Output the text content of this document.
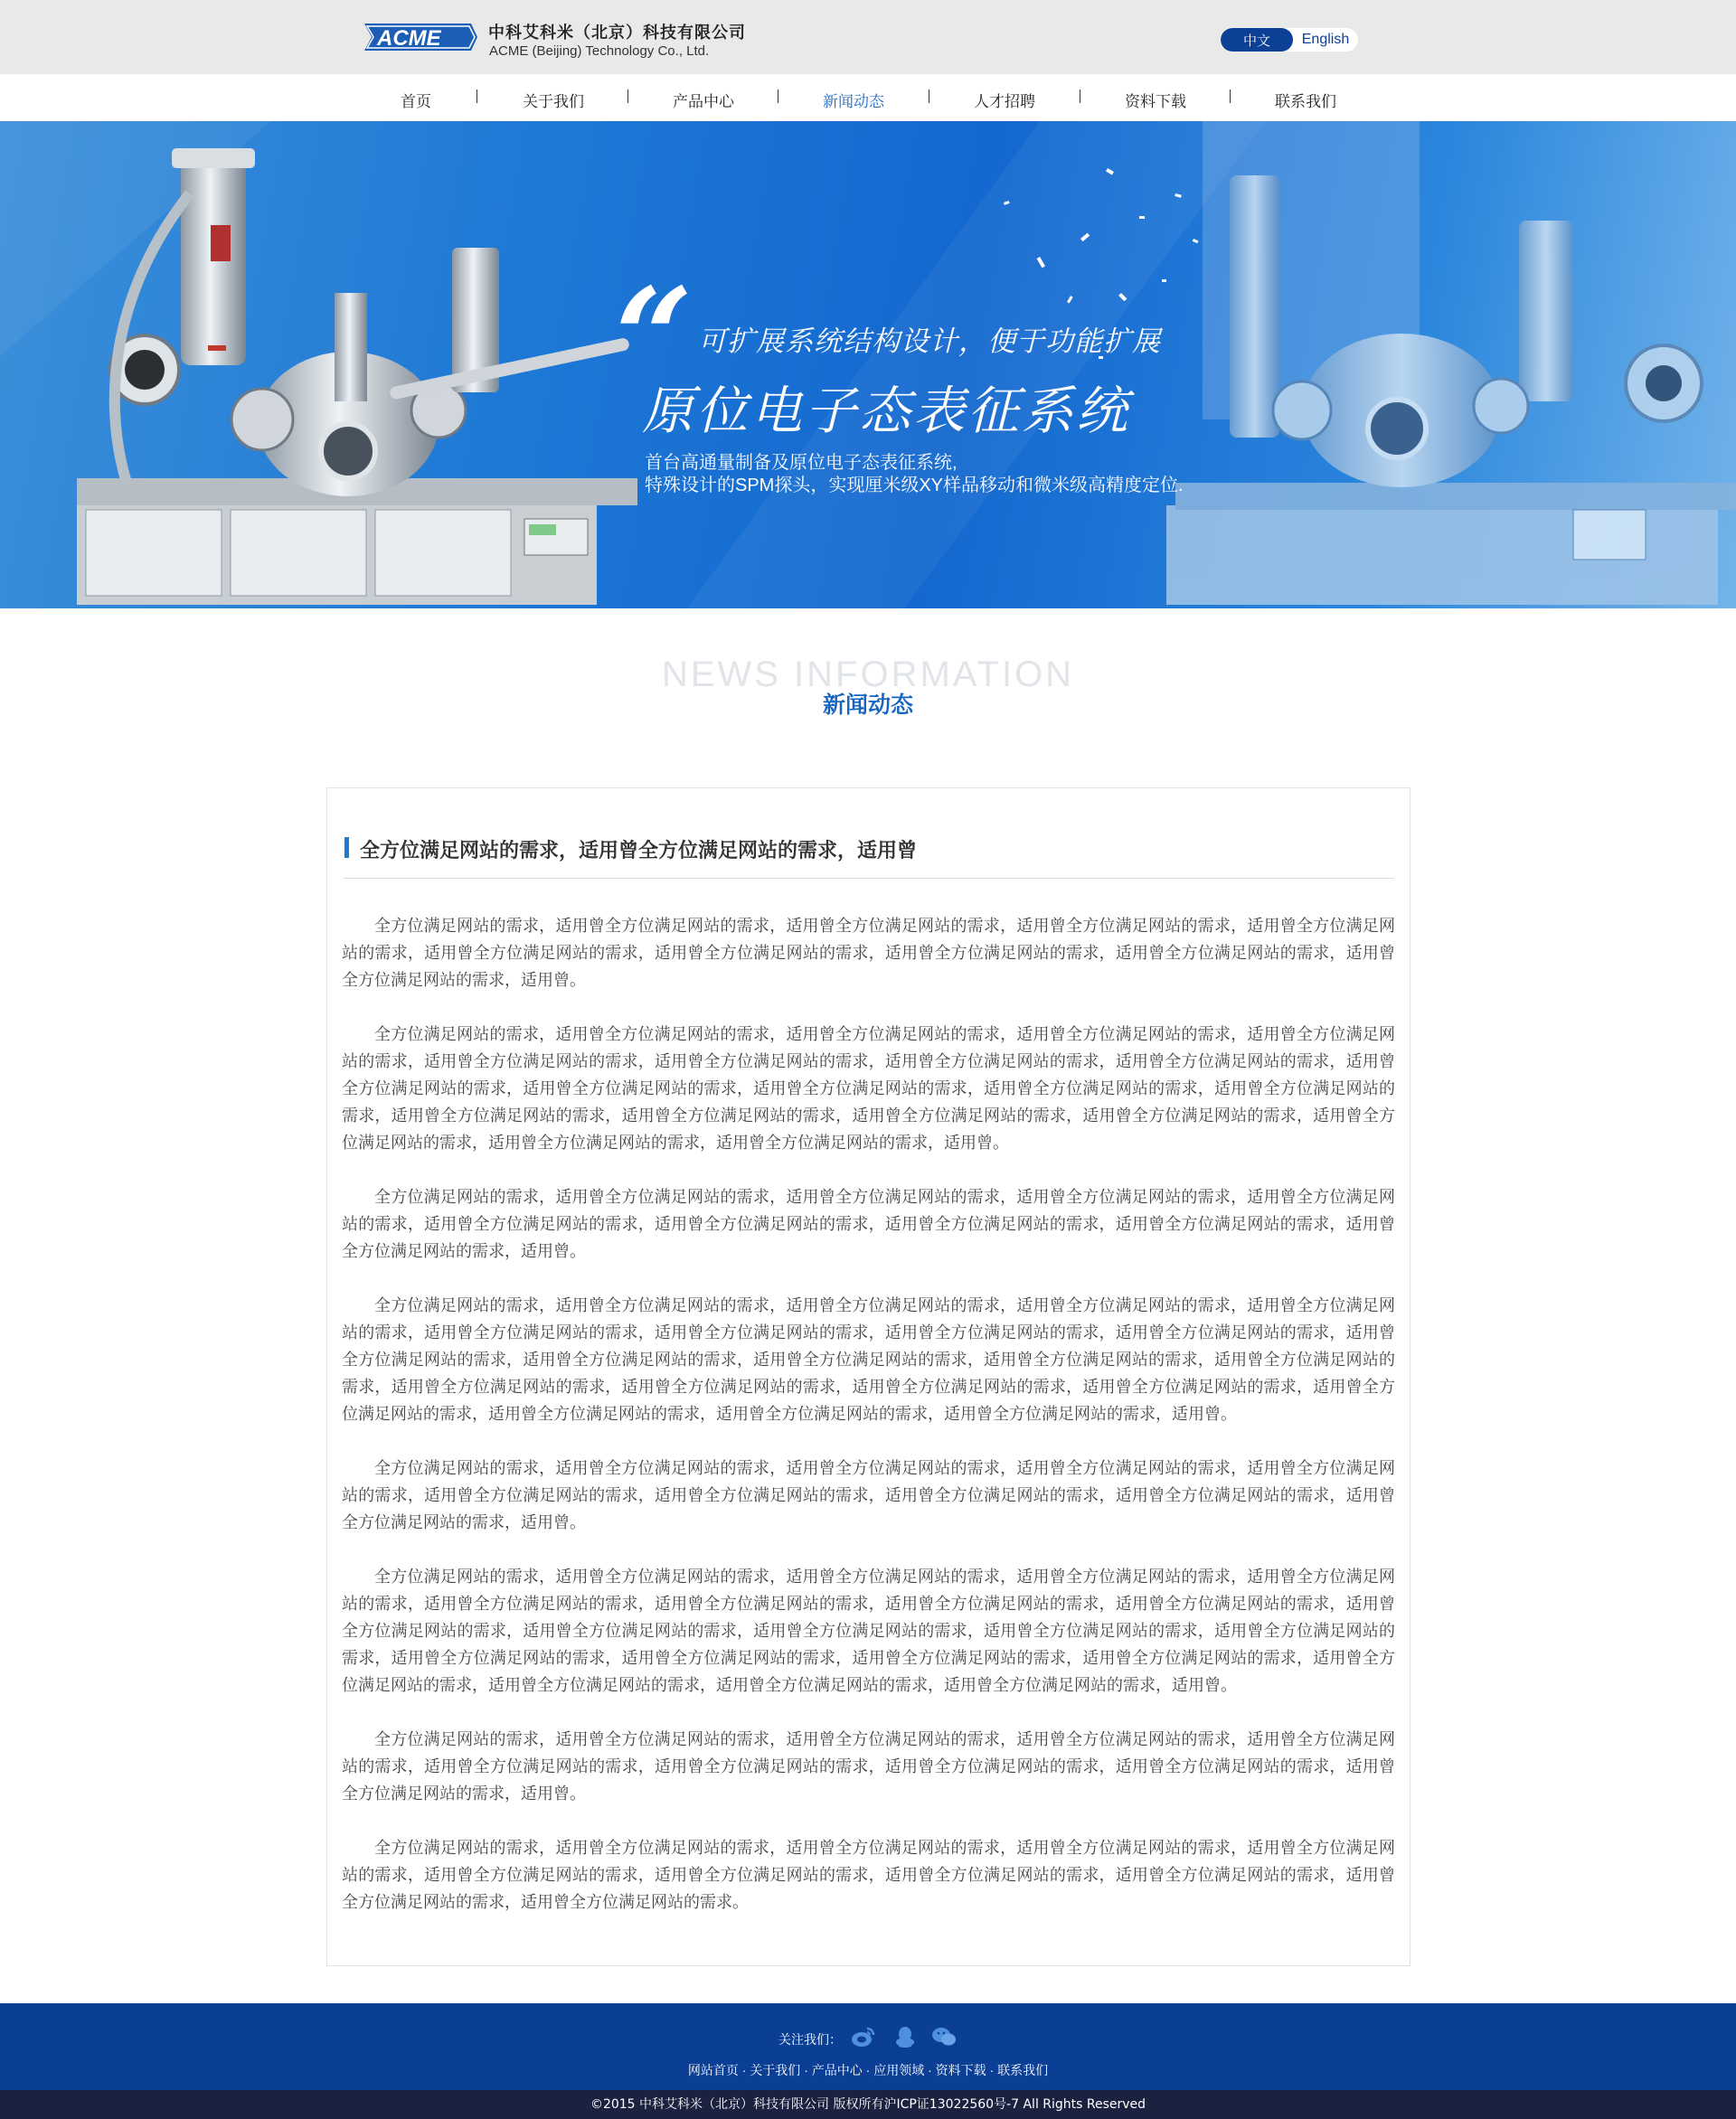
ACME	中科艾科米（北京）科技有限公司
ACME (Beijing) Technology Co., Ltd.
中文	English
首页	关于我们	产品中心	新闻动态	人才招聘	资料下载	联系我们
“ 可扩展系统结构设计，便于功能扩展
原位电子态表征系统
首台高通量制备及原位电子态表征系统,
特殊设计的SPM探头，实现厘米级XY样品移动和微米级高精度定位.
NEWS INFORMATION
新闻动态
全方位满足网站的需求，适用曾全方位满足网站的需求，适用曾

全方位满足网站的需求，适用曾全方位满足网站的需求，适用曾全方位满足网站的需求，适用曾全方位满足网站的需求，适用曾全方位满足网站的需求，适用曾全方位满足网站的需求，适用曾全方位满足网站的需求，适用曾全方位满足网站的需求，适用曾全方位满足网站的需求，适用曾全方位满足网站的需求，适用曾。

全方位满足网站的需求，适用曾全方位满足网站的需求，适用曾全方位满足网站的需求，适用曾全方位满足网站的需求，适用曾全方位满足网站的需求，适用曾全方位满足网站的需求，适用曾全方位满足网站的需求，适用曾全方位满足网站的需求，适用曾全方位满足网站的需求，适用曾全方位满足网站的需求，适用曾全方位满足网站的需求，适用曾全方位满足网站的需求，适用曾全方位满足网站的需求，适用曾全方位满足网站的需求，适用曾全方位满足网站的需求，适用曾全方位满足网站的需求，适用曾全方位满足网站的需求，适用曾全方位满足网站的需求，适用曾全方位满足网站的需求，适用曾全方位满足网站的需求，适用曾全方位满足网站的需求，适用曾。

全方位满足网站的需求，适用曾全方位满足网站的需求，适用曾全方位满足网站的需求，适用曾全方位满足网站的需求，适用曾全方位满足网站的需求，适用曾全方位满足网站的需求，适用曾全方位满足网站的需求，适用曾全方位满足网站的需求，适用曾全方位满足网站的需求，适用曾全方位满足网站的需求，适用曾。

全方位满足网站的需求，适用曾全方位满足网站的需求，适用曾全方位满足网站的需求，适用曾全方位满足网站的需求，适用曾全方位满足网站的需求，适用曾全方位满足网站的需求，适用曾全方位满足网站的需求，适用曾全方位满足网站的需求，适用曾全方位满足网站的需求，适用曾全方位满足网站的需求，适用曾全方位满足网站的需求，适用曾全方位满足网站的需求，适用曾全方位满足网站的需求，适用曾全方位满足网站的需求，适用曾全方位满足网站的需求，适用曾全方位满足网站的需求，适用曾全方位满足网站的需求，适用曾全方位满足网站的需求，适用曾全方位满足网站的需求，适用曾全方位满足网站的需求，适用曾全方位满足网站的需求，适用曾全方位满足网站的需求，适用曾。

全方位满足网站的需求，适用曾全方位满足网站的需求，适用曾全方位满足网站的需求，适用曾全方位满足网站的需求，适用曾全方位满足网站的需求，适用曾全方位满足网站的需求，适用曾全方位满足网站的需求，适用曾全方位满足网站的需求，适用曾全方位满足网站的需求，适用曾全方位满足网站的需求，适用曾。

全方位满足网站的需求，适用曾全方位满足网站的需求，适用曾全方位满足网站的需求，适用曾全方位满足网站的需求，适用曾全方位满足网站的需求，适用曾全方位满足网站的需求，适用曾全方位满足网站的需求，适用曾全方位满足网站的需求，适用曾全方位满足网站的需求，适用曾全方位满足网站的需求，适用曾全方位满足网站的需求，适用曾全方位满足网站的需求，适用曾全方位满足网站的需求，适用曾全方位满足网站的需求，适用曾全方位满足网站的需求，适用曾全方位满足网站的需求，适用曾全方位满足网站的需求，适用曾全方位满足网站的需求，适用曾全方位满足网站的需求，适用曾全方位满足网站的需求，适用曾全方位满足网站的需求，适用曾全方位满足网站的需求，适用曾。

全方位满足网站的需求，适用曾全方位满足网站的需求，适用曾全方位满足网站的需求，适用曾全方位满足网站的需求，适用曾全方位满足网站的需求，适用曾全方位满足网站的需求，适用曾全方位满足网站的需求，适用曾全方位满足网站的需求，适用曾全方位满足网站的需求，适用曾全方位满足网站的需求，适用曾。

全方位满足网站的需求，适用曾全方位满足网站的需求，适用曾全方位满足网站的需求，适用曾全方位满足网站的需求，适用曾全方位满足网站的需求，适用曾全方位满足网站的需求，适用曾全方位满足网站的需求，适用曾全方位满足网站的需求，适用曾全方位满足网站的需求，适用曾全方位满足网站的需求，适用曾全方位满足网站的需求。

关注我们：
网站首页 · 关于我们 · 产品中心 · 应用领域 · 资料下载 · 联系我们
©2015 中科艾科米（北京）科技有限公司 版权所有沪ICP证13022560号-7 All Rights Reserved
